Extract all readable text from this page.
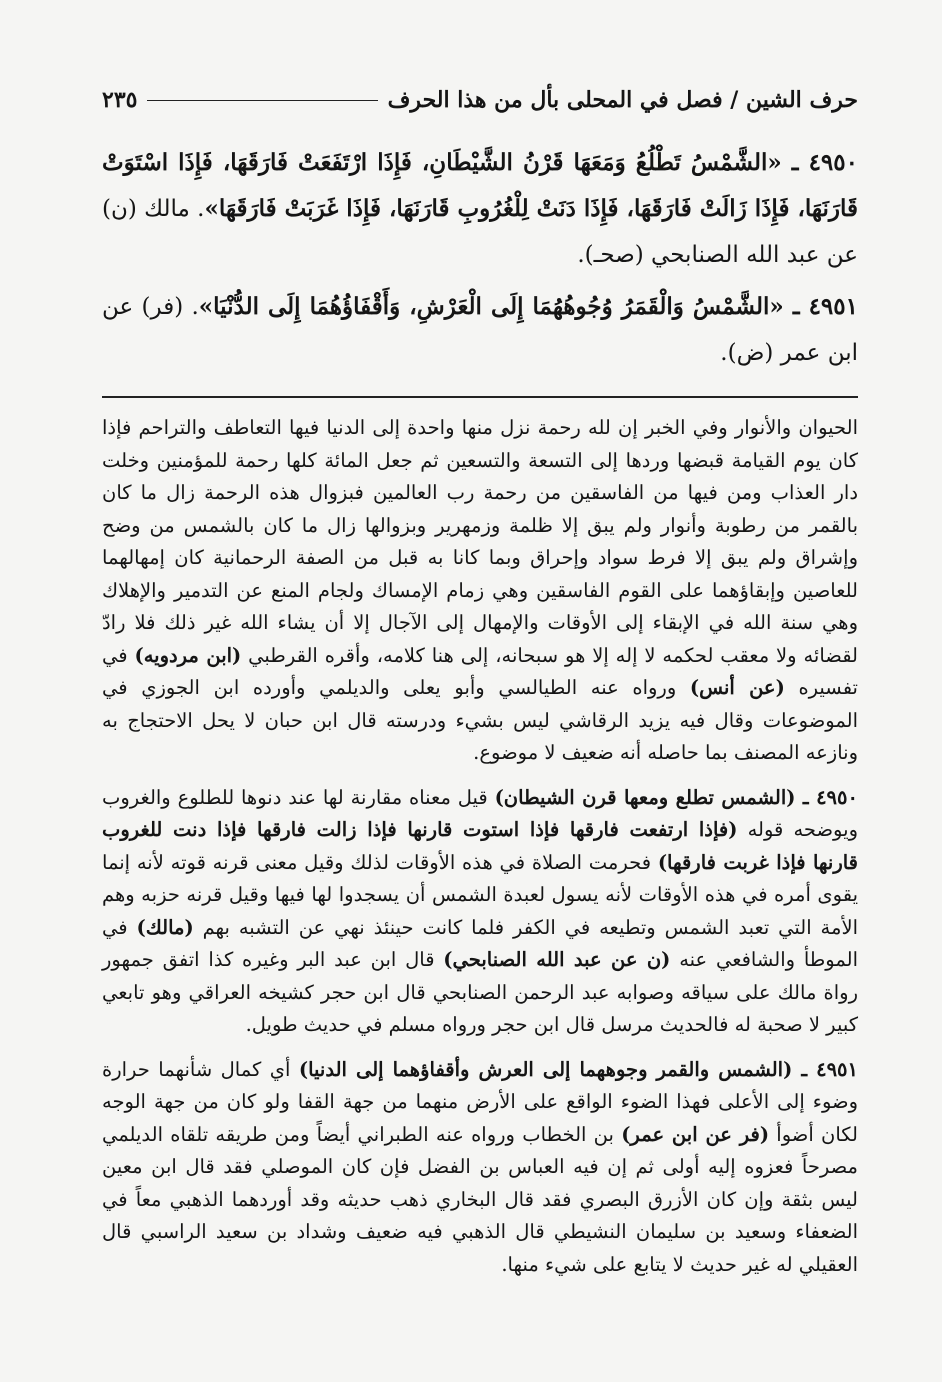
حرف الشين / فصل في المحلى بأل من هذا الحرف
٢٣٥

٤٩٥٠ ـ «الشَّمْسُ تَطْلُعُ وَمَعَهَا قَرْنُ الشَّيْطَانِ، فَإِذَا ارْتَفَعَتْ فَارَقَهَا، فَإِذَا اسْتَوَتْ قَارَنَهَا، فَإِذَا زَالَتْ فَارَقَهَا، فَإِذَا دَنَتْ لِلْغُرُوبِ قَارَنَهَا، فَإِذَا غَرَبَتْ فَارَقَهَا». مالك (ن) عن عبد الله الصنابحي (صحـ).

٤٩٥١ ـ «الشَّمْسُ وَالْقَمَرُ وُجُوهُهُمَا إِلَى الْعَرْشِ، وَأَقْفَاؤُهُمَا إِلَى الدُّنْيَا». (فر) عن ابن عمر (ض).

الحيوان والأنوار وفي الخبر إن لله رحمة نزل منها واحدة إلى الدنيا فيها التعاطف والتراحم فإذا كان يوم القيامة قبضها وردها إلى التسعة والتسعين ثم جعل المائة كلها رحمة للمؤمنين وخلت دار العذاب ومن فيها من الفاسقين من رحمة رب العالمين فبزوال هذه الرحمة زال ما كان بالقمر من رطوبة وأنوار ولم يبق إلا ظلمة وزمهرير وبزوالها زال ما كان بالشمس من وضح وإشراق ولم يبق إلا فرط سواد وإحراق وبما كانا به قبل من الصفة الرحمانية كان إمهالهما للعاصين وإبقاؤهما على القوم الفاسقين وهي زمام الإمساك ولجام المنع عن التدمير والإهلاك وهي سنة الله في الإبقاء إلى الأوقات والإمهال إلى الآجال إلا أن يشاء الله غير ذلك فلا رادّ لقضائه ولا معقب لحكمه لا إله إلا هو سبحانه، إلى هنا كلامه، وأقره القرطبي (ابن مردويه) في تفسيره (عن أنس) ورواه عنه الطيالسي وأبو يعلى والديلمي وأورده ابن الجوزي في الموضوعات وقال فيه يزيد الرقاشي ليس بشيء ودرسته قال ابن حبان لا يحل الاحتجاج به ونازعه المصنف بما حاصله أنه ضعيف لا موضوع.

٤٩٥٠ ـ (الشمس تطلع ومعها قرن الشيطان) قيل معناه مقارنة لها عند دنوها للطلوع والغروب ويوضحه قوله (فإذا ارتفعت فارقها فإذا استوت قارنها فإذا زالت فارقها فإذا دنت للغروب قارنها فإذا غربت فارقها) فحرمت الصلاة في هذه الأوقات لذلك وقيل معنى قرنه قوته لأنه إنما يقوى أمره في هذه الأوقات لأنه يسول لعبدة الشمس أن يسجدوا لها فيها وقيل قرنه حزبه وهم الأمة التي تعبد الشمس وتطيعه في الكفر فلما كانت حينئذ نهي عن التشبه بهم (مالك) في الموطأ والشافعي عنه (ن عن عبد الله الصنابحي) قال ابن عبد البر وغيره كذا اتفق جمهور رواة مالك على سياقه وصوابه عبد الرحمن الصنابحي قال ابن حجر كشيخه العراقي وهو تابعي كبير لا صحبة له فالحديث مرسل قال ابن حجر ورواه مسلم في حديث طويل.

٤٩٥١ ـ (الشمس والقمر وجوههما إلى العرش وأقفاؤهما إلى الدنيا) أي كمال شأنهما حرارة وضوء إلى الأعلى فهذا الضوء الواقع على الأرض منهما من جهة القفا ولو كان من جهة الوجه لكان أضوأ (فر عن ابن عمر) بن الخطاب ورواه عنه الطبراني أيضاً ومن طريقه تلقاه الديلمي مصرحاً فعزوه إليه أولى ثم إن فيه العباس بن الفضل فإن كان الموصلي فقد قال ابن معين ليس بثقة وإن كان الأزرق البصري فقد قال البخاري ذهب حديثه وقد أوردهما الذهبي معاً في الضعفاء وسعيد بن سليمان النشيطي قال الذهبي فيه ضعيف وشداد بن سعيد الراسبي قال العقيلي له غير حديث لا يتابع على شيء منها.
